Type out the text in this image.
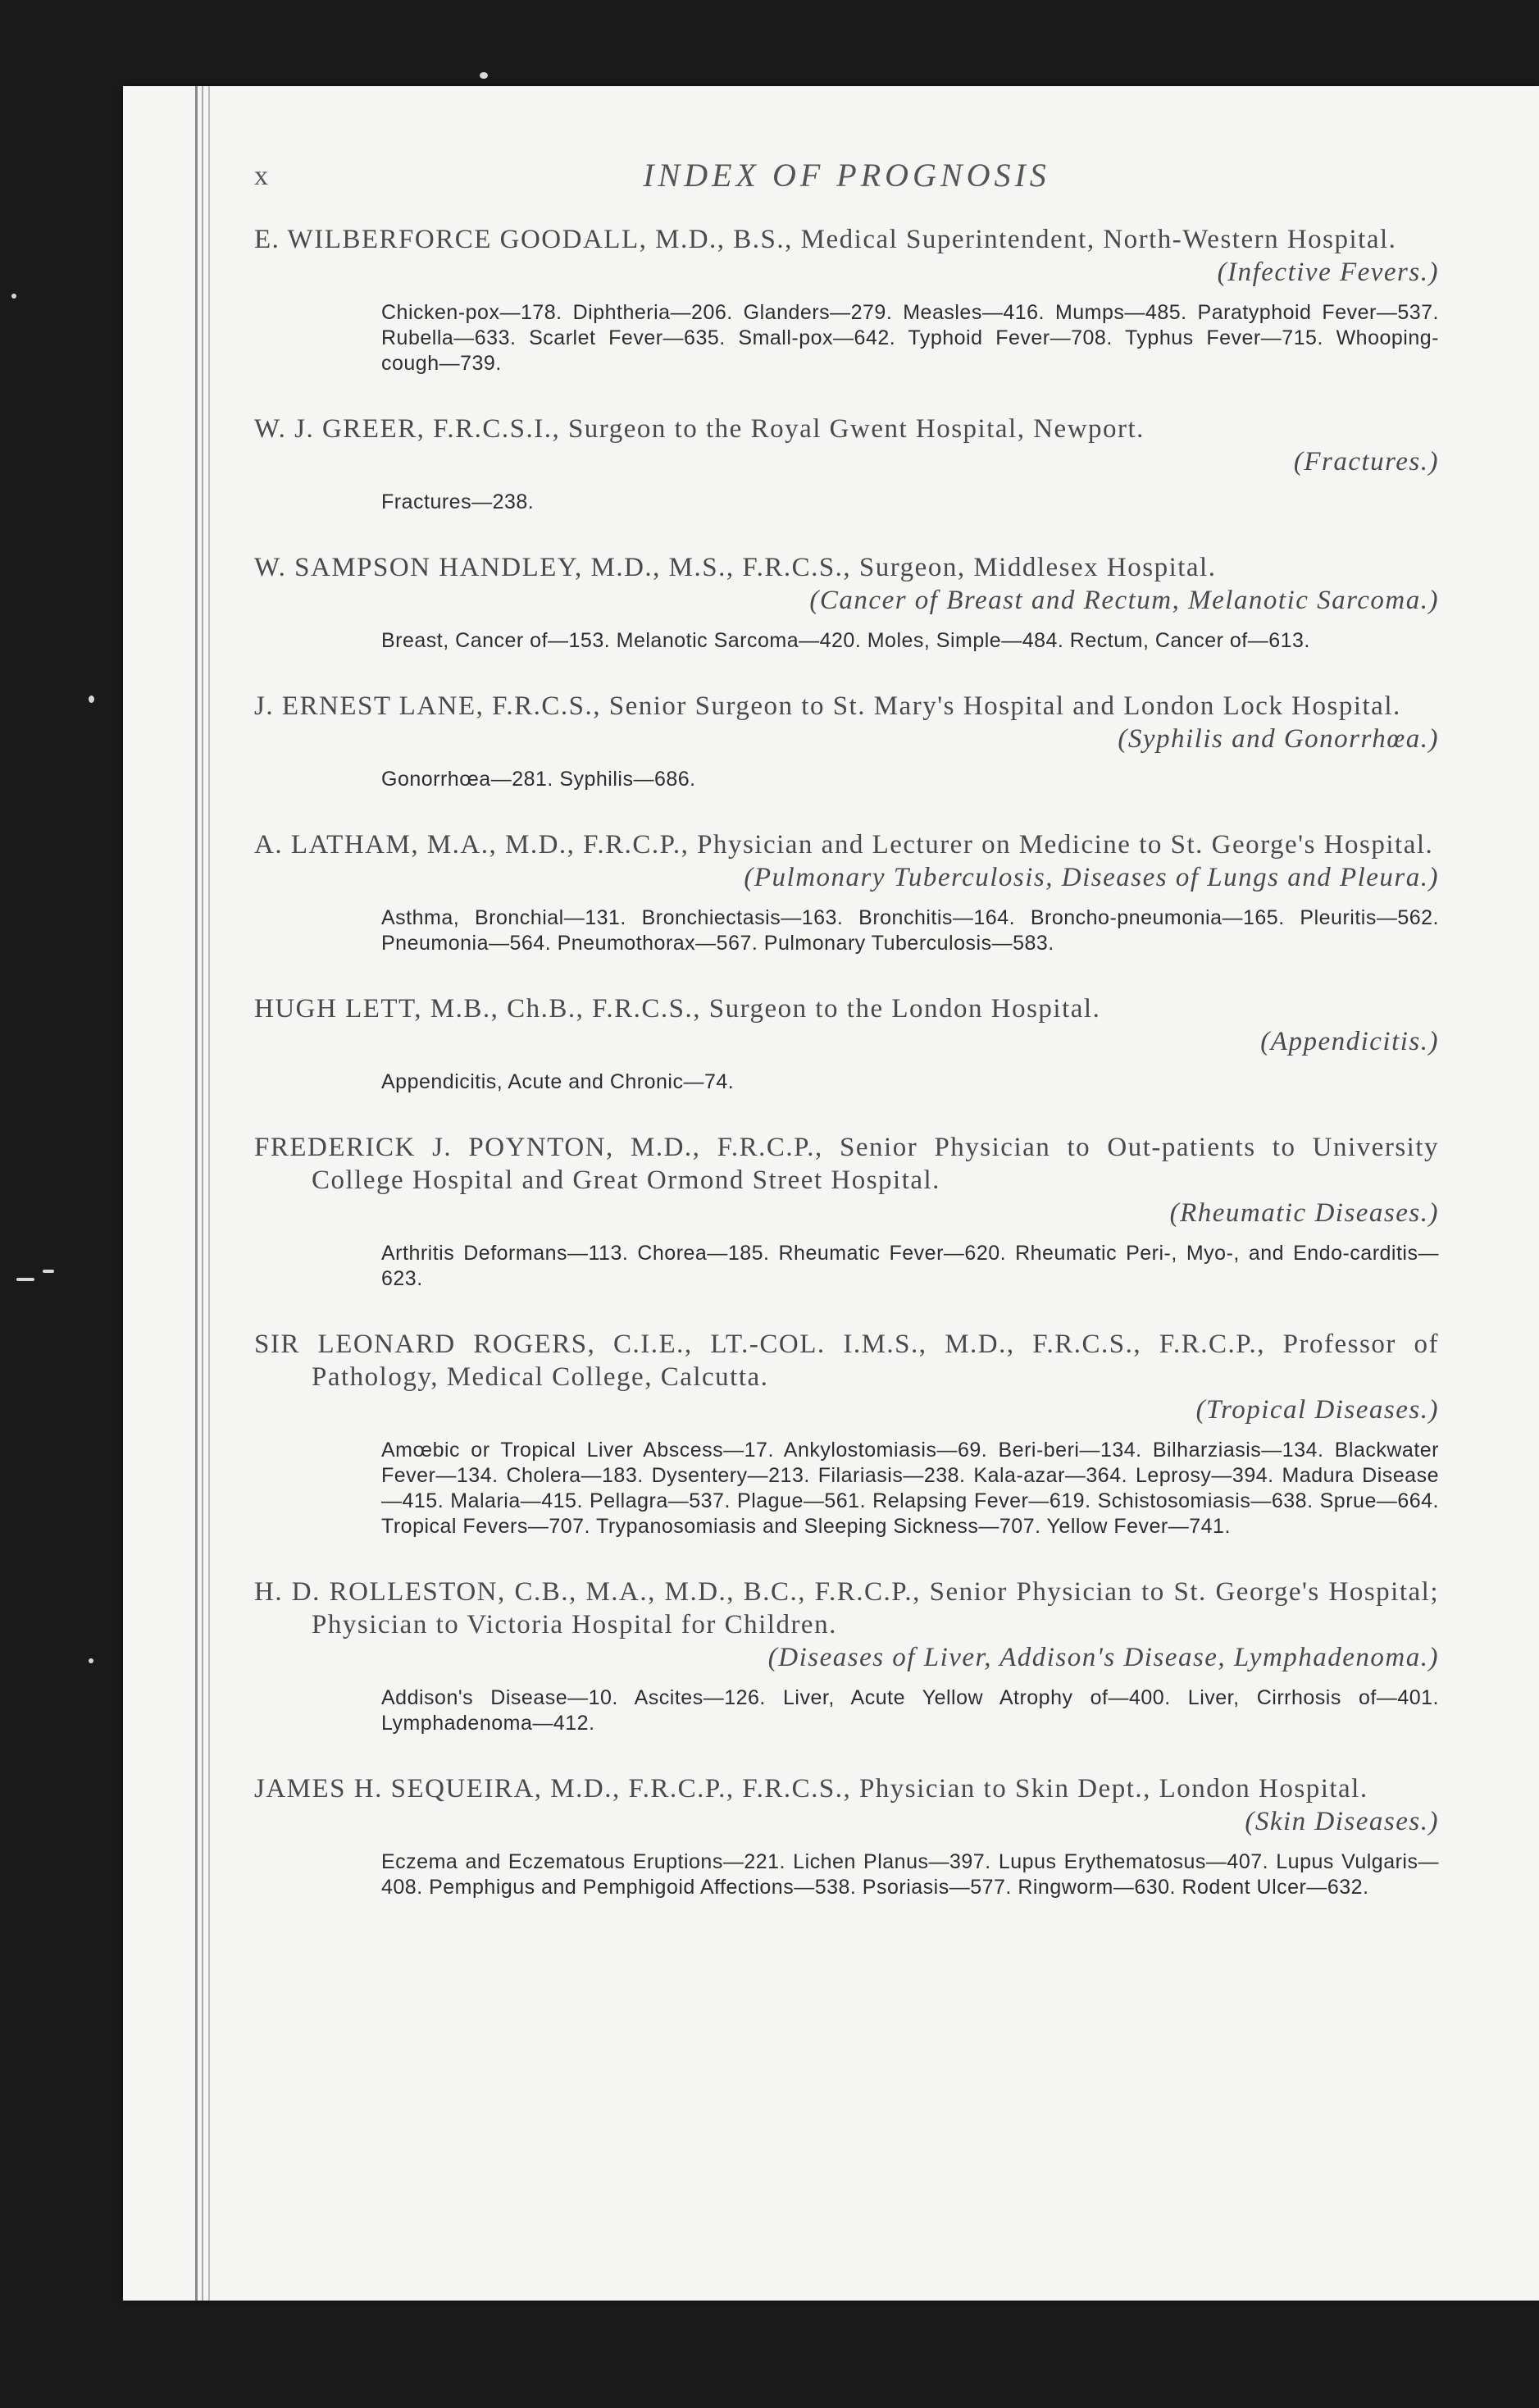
x	INDEX OF PROGNOSIS
E. WILBERFORCE GOODALL, M.D., B.S., Medical Superintendent, North-Western Hospital.
(Infective Fevers.)
Chicken-pox—178. Diphtheria—206. Glanders—279. Measles—416. Mumps—485. Paratyphoid Fever—537. Rubella—633. Scarlet Fever—635. Small-pox—642. Typhoid Fever—708. Typhus Fever—715. Whooping-cough—739.
W. J. GREER, F.R.C.S.I., Surgeon to the Royal Gwent Hospital, Newport.
(Fractures.)
Fractures—238.
W. SAMPSON HANDLEY, M.D., M.S., F.R.C.S., Surgeon, Middlesex Hospital.
(Cancer of Breast and Rectum, Melanotic Sarcoma.)
Breast, Cancer of—153. Melanotic Sarcoma—420. Moles, Simple—484. Rectum, Cancer of—613.
J. ERNEST LANE, F.R.C.S., Senior Surgeon to St. Mary's Hospital and London Lock Hospital.
(Syphilis and Gonorrhœa.)
Gonorrhœa—281. Syphilis—686.
A. LATHAM, M.A., M.D., F.R.C.P., Physician and Lecturer on Medicine to St. George's Hospital.
(Pulmonary Tuberculosis, Diseases of Lungs and Pleura.)
Asthma, Bronchial—131. Bronchiectasis—163. Bronchitis—164. Broncho-pneumonia—165. Pleuritis—562. Pneumonia—564. Pneumothorax—567. Pulmonary Tuberculosis—583.
HUGH LETT, M.B., Ch.B., F.R.C.S., Surgeon to the London Hospital.
(Appendicitis.)
Appendicitis, Acute and Chronic—74.
FREDERICK J. POYNTON, M.D., F.R.C.P., Senior Physician to Out-patients to University College Hospital and Great Ormond Street Hospital.
(Rheumatic Diseases.)
Arthritis Deformans—113. Chorea—185. Rheumatic Fever—620. Rheumatic Peri-, Myo-, and Endo-carditis—623.
SIR LEONARD ROGERS, C.I.E., LT.-COL. I.M.S., M.D., F.R.C.S., F.R.C.P., Professor of Pathology, Medical College, Calcutta.
(Tropical Diseases.)
Amœbic or Tropical Liver Abscess—17. Ankylostomiasis—69. Beri-beri—134. Bilharziasis—134. Blackwater Fever—134. Cholera—183. Dysentery—213. Filariasis—238. Kala-azar—364. Leprosy—394. Madura Disease—415. Malaria—415. Pellagra—537. Plague—561. Relapsing Fever—619. Schistosomiasis—638. Sprue—664. Tropical Fevers—707. Trypanosomiasis and Sleeping Sickness—707. Yellow Fever—741.
H. D. ROLLESTON, C.B., M.A., M.D., B.C., F.R.C.P., Senior Physician to St. George's Hospital; Physician to Victoria Hospital for Children.
(Diseases of Liver, Addison's Disease, Lymphadenoma.)
Addison's Disease—10. Ascites—126. Liver, Acute Yellow Atrophy of—400. Liver, Cirrhosis of—401. Lymphadenoma—412.
JAMES H. SEQUEIRA, M.D., F.R.C.P., F.R.C.S., Physician to Skin Dept., London Hospital.
(Skin Diseases.)
Eczema and Eczematous Eruptions—221. Lichen Planus—397. Lupus Erythematosus—407. Lupus Vulgaris—408. Pemphigus and Pemphigoid Affections—538. Psoriasis—577. Ringworm—630. Rodent Ulcer—632.
